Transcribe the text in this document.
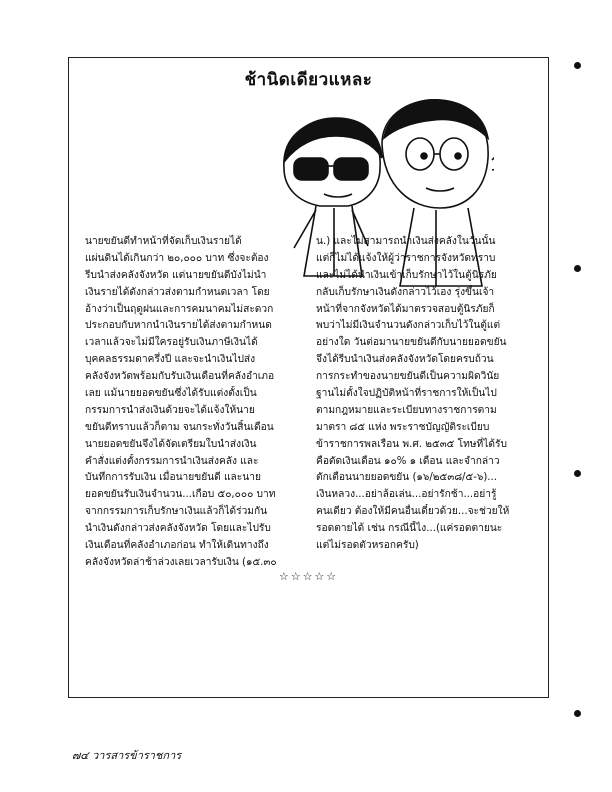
ช้านิดเดียวแหละ
นายขยันดีทำหน้าที่จัดเก็บเงินรายได้
แผ่นดินได้เกินกว่า ๒๐,๐๐๐ บาท ซึ่งจะต้อง
รีบนำส่งคลังจังหวัด แต่นายขยันดีบังไม่นำ
เงินรายได้ดังกล่าวส่งตามกำหนดเวลา โดย
อ้างว่าเป็นฤดูฝนและการคมนาคมไม่สะดวก
ประกอบกับหากนำเงินรายได้ส่งตามกำหนด
เวลาแล้วจะไม่มีใครอยู่รับเงินภาษีเงินได้
บุคคลธรรมดาครึ่งปี และจะนำเงินไปส่ง
คลังจังหวัดพร้อมกับรับเงินเดือนที่คลังอำเภอ
เลย แม้นายยอดขยันซึ่งได้รับแต่งตั้งเป็น
กรรมการนำส่งเงินด้วยจะได้แจ้งให้นาย
ขยันดีทราบแล้วก็ตาม จนกระทั่งวันสิ้นเดือน
นายยอดขยันจึงได้จัดเตรียมใบนำส่งเงิน
คำสั่งแต่งตั้งกรรมการนำเงินส่งคลัง และ
บันทึกการรับเงิน เมื่อนายขยันดี และนาย
ยอดขยันรับเงินจำนวน...เกือบ ๕๐,๐๐๐ บาท
จากกรรมการเก็บรักษาเงินแล้วก็ได้ร่วมกัน
นำเงินดังกล่าวส่งคลังจังหวัด โดยและไปรับ
เงินเดือนที่คลังอำเภอก่อน ทำให้เดินทางถึง
คลังจังหวัดล่าช้าล่วงเลยเวลารับเงิน (๑๕.๓๐
น.) และไม่สามารถนำเงินส่งคลังในวันนั้น
แต่ก็ไม่ได้แจ้งให้ผู้ว่าราชการจังหวัดทราบ
และไม่ได้นำเงินเข้าเก็บรักษาไว้ในตู้นิรภัย
กลับเก็บรักษาเงินดังกล่าวไว้เอง รุ่งขึ้นเจ้า
หน้าที่จากจังหวัดได้มาตรวจสอบตู้นิรภัยก็
พบว่าไม่มีเงินจำนวนดังกล่าวเก็บไว้ในตู้แต่
อย่างใด วันต่อมานายขยันดีกับนายยอดขยัน
จึงได้รีบนำเงินส่งคลังจังหวัดโดยครบถ้วน
การกระทำของนายขยันดีเป็นความผิดวินัย
ฐานไม่ตั้งใจปฏิบัติหน้าที่ราชการให้เป็นไป
ตามกฎหมายและระเบียบทางราชการตาม
มาตรา ๘๕ แห่ง พระราชบัญญัติระเบียบ
ข้าราชการพลเรือน พ.ศ. ๒๕๓๕ โทษที่ได้รับ
คือตัดเงินเดือน ๑๐% ๑ เดือน และจำกล่าว
ตักเตือนนายยอดขยัน (๑๖/๒๕๓๘/๕-๖)...
เงินหลวง...อย่าล้อเล่น...อย่ารักช้า...อย่ารู้
คนเดียว ต้องให้มีคนอื่นเดี๋ยวด้วย...จะช่วยให้
รอดตายได้ เช่น กรณีนี้ไง...(แค่รอดตายนะ
แต่ไม่รอดตัวหรอกครับ)
☆☆☆☆☆
๗๔ วารสารข้าราชการ
